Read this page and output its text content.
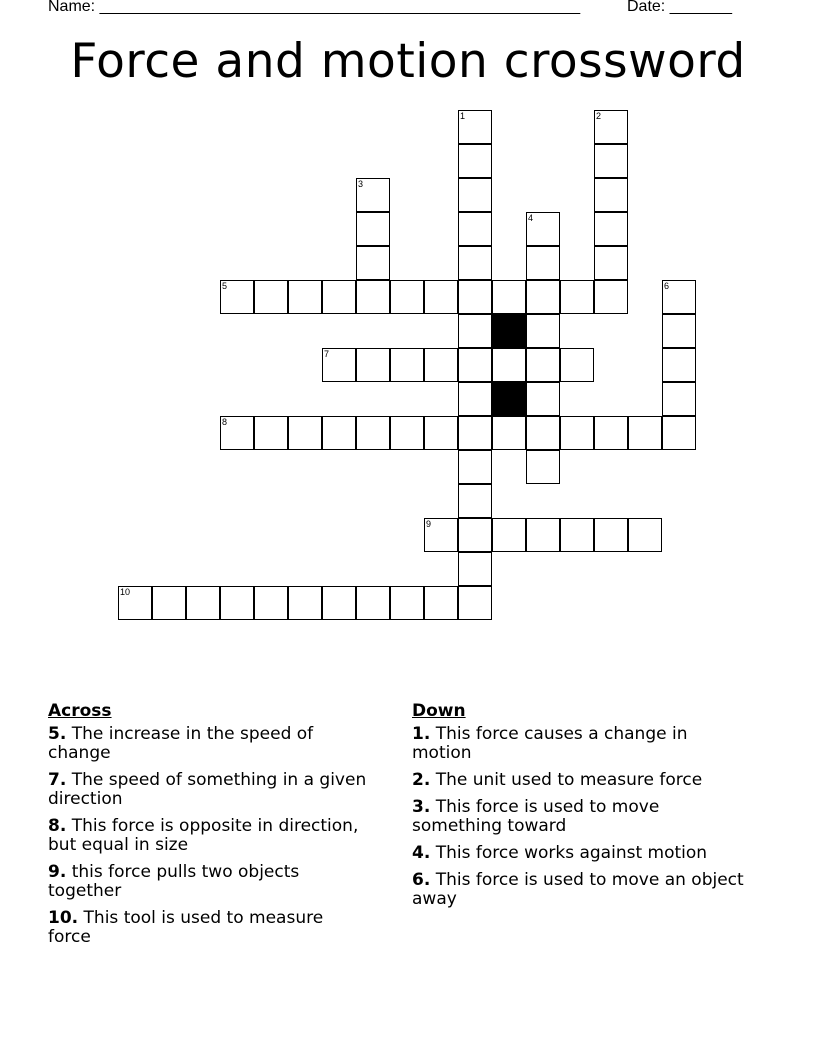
Name: ______________________________________________________	Date: _______
Force and motion crossword
1	2
3
4
5	6
7
8
9
10
Across
5. The increase in the speed of change
7. The speed of something in a given direction
8. This force is opposite in direction, but equal in size
9. this force pulls two objects together
10. This tool is used to measure force
Down
1. This force causes a change in motion
2. The unit used to measure force
3. This force is used to move something toward
4. This force works against motion
6. This force is used to move an object away
